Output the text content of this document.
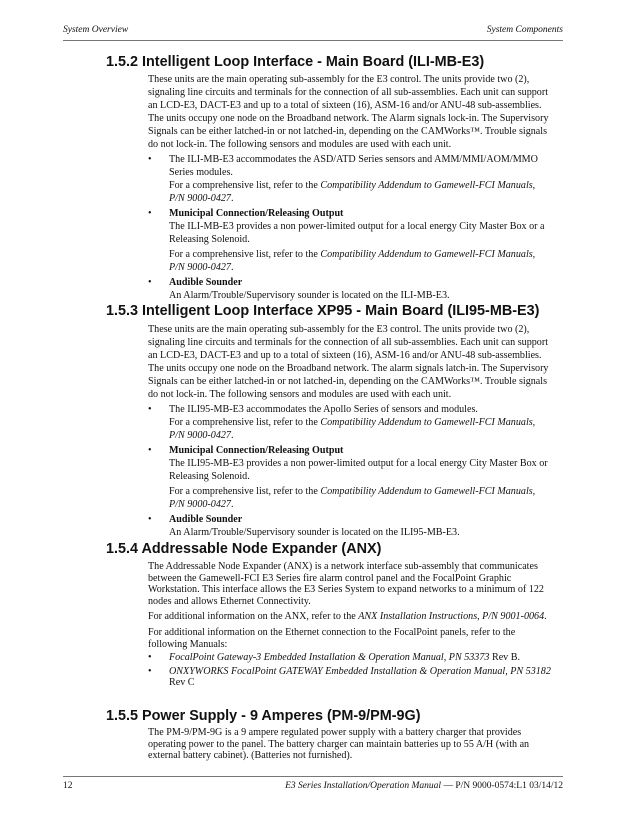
System Overview	System Components
1.5.2 Intelligent Loop Interface - Main Board (ILI-MB-E3)

These units are the main operating sub-assembly for the E3 control. The units provide two (2),
signaling line circuits and terminals for the connection of all sub-assemblies. Each unit can support
an LCD-E3, DACT-E3 and up to a total of sixteen (16), ASM-16 and/or ANU-48 sub-assemblies.
The units occupy one node on the Broadband network. The Alarm signals lock-in. The Supervisory
Signals can be either latched-in or not latched-in, depending on the CAMWorks™. Trouble signals
do not lock-in. The following sensors and modules are used with each unit.

• The ILI-MB-E3 accommodates the ASD/ATD Series sensors and AMM/MMI/AOM/MMO
Series modules.
For a comprehensive list, refer to the Compatibility Addendum to Gamewell-FCI Manuals,
P/N 9000-0427.
• Municipal Connection/Releasing Output
The ILI-MB-E3 provides a non power-limited output for a local energy City Master Box or a
Releasing Solenoid.
For a comprehensive list, refer to the Compatibility Addendum to Gamewell-FCI Manuals,
P/N 9000-0427.
• Audible Sounder
An Alarm/Trouble/Supervisory sounder is located on the ILI-MB-E3.
1.5.3 Intelligent Loop Interface XP95 - Main Board (ILI95-MB-E3)

These units are the main operating sub-assembly for the E3 control. The units provide two (2),
signaling line circuits and terminals for the connection of all sub-assemblies. Each unit can support
an LCD-E3, DACT-E3 and up to a total of sixteen (16), ASM-16 and/or ANU-48 sub-assemblies.
The units occupy one node on the Broadband network. The alarm signals latch-in. The Supervisory
Signals can be either latched-in or not latched-in, depending on the CAMWorks™. Trouble signals
do not lock-in. The following sensors and modules are used with each unit.

• The ILI95-MB-E3 accommodates the Apollo Series of sensors and modules.
For a comprehensive list, refer to the Compatibility Addendum to Gamewell-FCI Manuals,
P/N 9000-0427.
• Municipal Connection/Releasing Output
The ILI95-MB-E3 provides a non power-limited output for a local energy City Master Box or
Releasing Solenoid.
For a comprehensive list, refer to the Compatibility Addendum to Gamewell-FCI Manuals,
P/N 9000-0427.
• Audible Sounder
An Alarm/Trouble/Supervisory sounder is located on the ILI95-MB-E3.
1.5.4 Addressable Node Expander (ANX)

The Addressable Node Expander (ANX) is a network interface sub-assembly that communicates
between the Gamewell-FCI E3 Series fire alarm control panel and the FocalPoint Graphic
Workstation. This interface allows the E3 Series System to expand networks to a minimum of 122
nodes and allows Ethernet Connectivity.

For additional information on the ANX, refer to the ANX Installation Instructions, P/N 9001-0064.

For additional information on the Ethernet connection to the FocalPoint panels, refer to the
following Manuals:

• FocalPoint Gateway-3 Embedded Installation & Operation Manual, PN 53373 Rev B.
• ONXYWORKS FocalPoint GATEWAY Embedded Installation & Operation Manual, PN 53182
Rev C
1.5.5 Power Supply - 9 Amperes (PM-9/PM-9G)

The PM-9/PM-9G is a 9 ampere regulated power supply with a battery charger that provides
operating power to the panel. The battery charger can maintain batteries up to 55 A/H (with an
external battery cabinet). (Batteries not furnished).

12	E3 Series Installation/Operation Manual — P/N 9000-0574:L1 03/14/12
